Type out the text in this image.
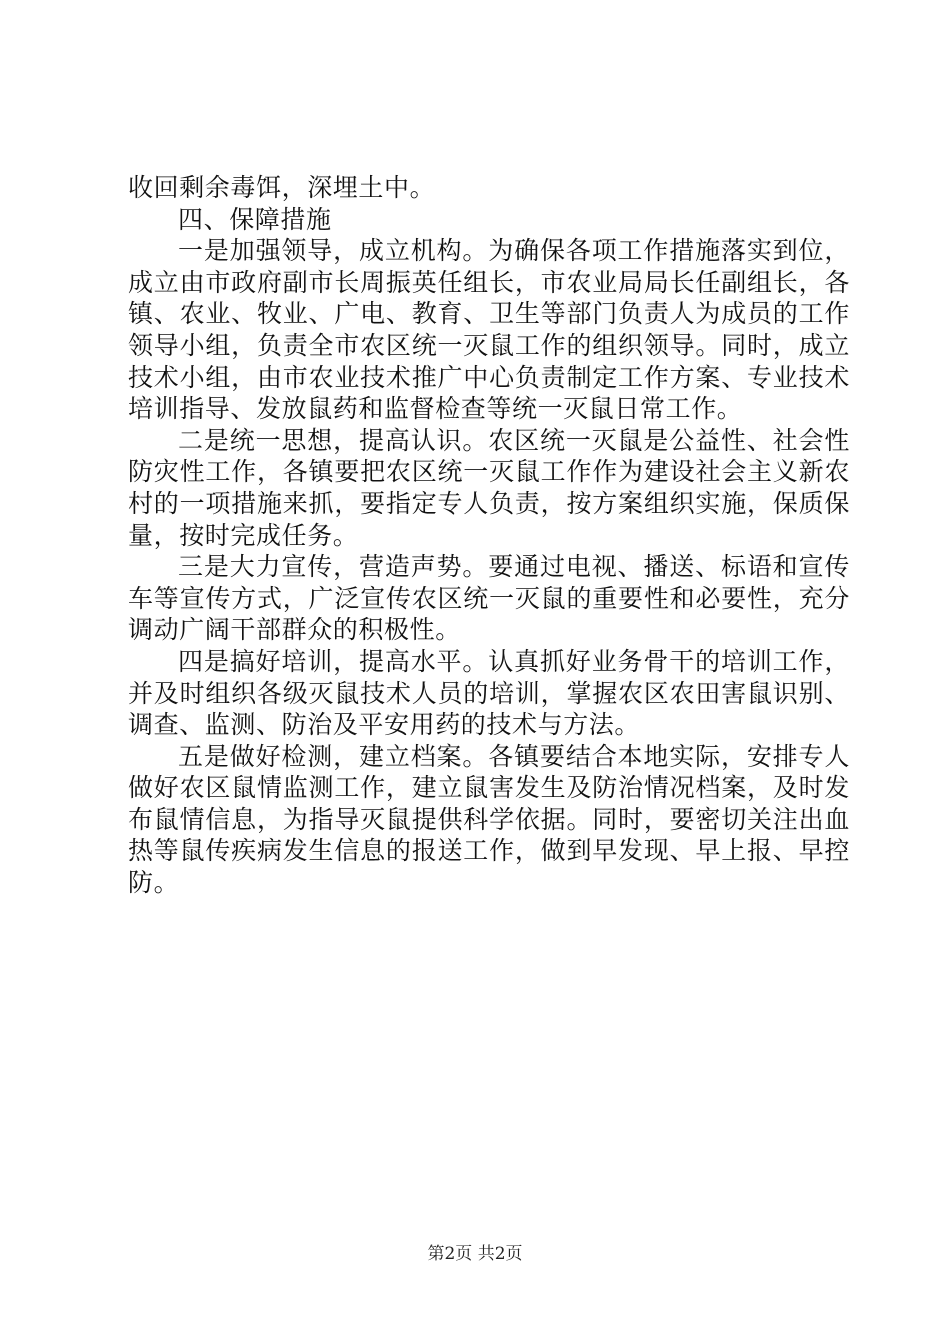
收回剩余毒饵，深埋土中。

四、保障措施

一是加强领导，成立机构。为确保各项工作措施落实到位，成立由市政府副市长周振英任组长，市农业局局长任副组长，各镇、农业、牧业、广电、教育、卫生等部门负责人为成员的工作领导小组，负责全市农区统一灭鼠工作的组织领导。同时，成立技术小组，由市农业技术推广中心负责制定工作方案、专业技术培训指导、发放鼠药和监督检查等统一灭鼠日常工作。

二是统一思想，提高认识。农区统一灭鼠是公益性、社会性防灾性工作，各镇要把农区统一灭鼠工作作为建设社会主义新农村的一项措施来抓，要指定专人负责，按方案组织实施，保质保量，按时完成任务。

三是大力宣传，营造声势。要通过电视、播送、标语和宣传车等宣传方式，广泛宣传农区统一灭鼠的重要性和必要性，充分调动广阔干部群众的积极性。

四是搞好培训，提高水平。认真抓好业务骨干的培训工作，并及时组织各级灭鼠技术人员的培训，掌握农区农田害鼠识别、调查、监测、防治及平安用药的技术与方法。

五是做好检测，建立档案。各镇要结合本地实际，安排专人做好农区鼠情监测工作，建立鼠害发生及防治情况档案，及时发布鼠情信息，为指导灭鼠提供科学依据。同时，要密切关注出血热等鼠传疾病发生信息的报送工作，做到早发现、早上报、早控防。

第2页 共2页
